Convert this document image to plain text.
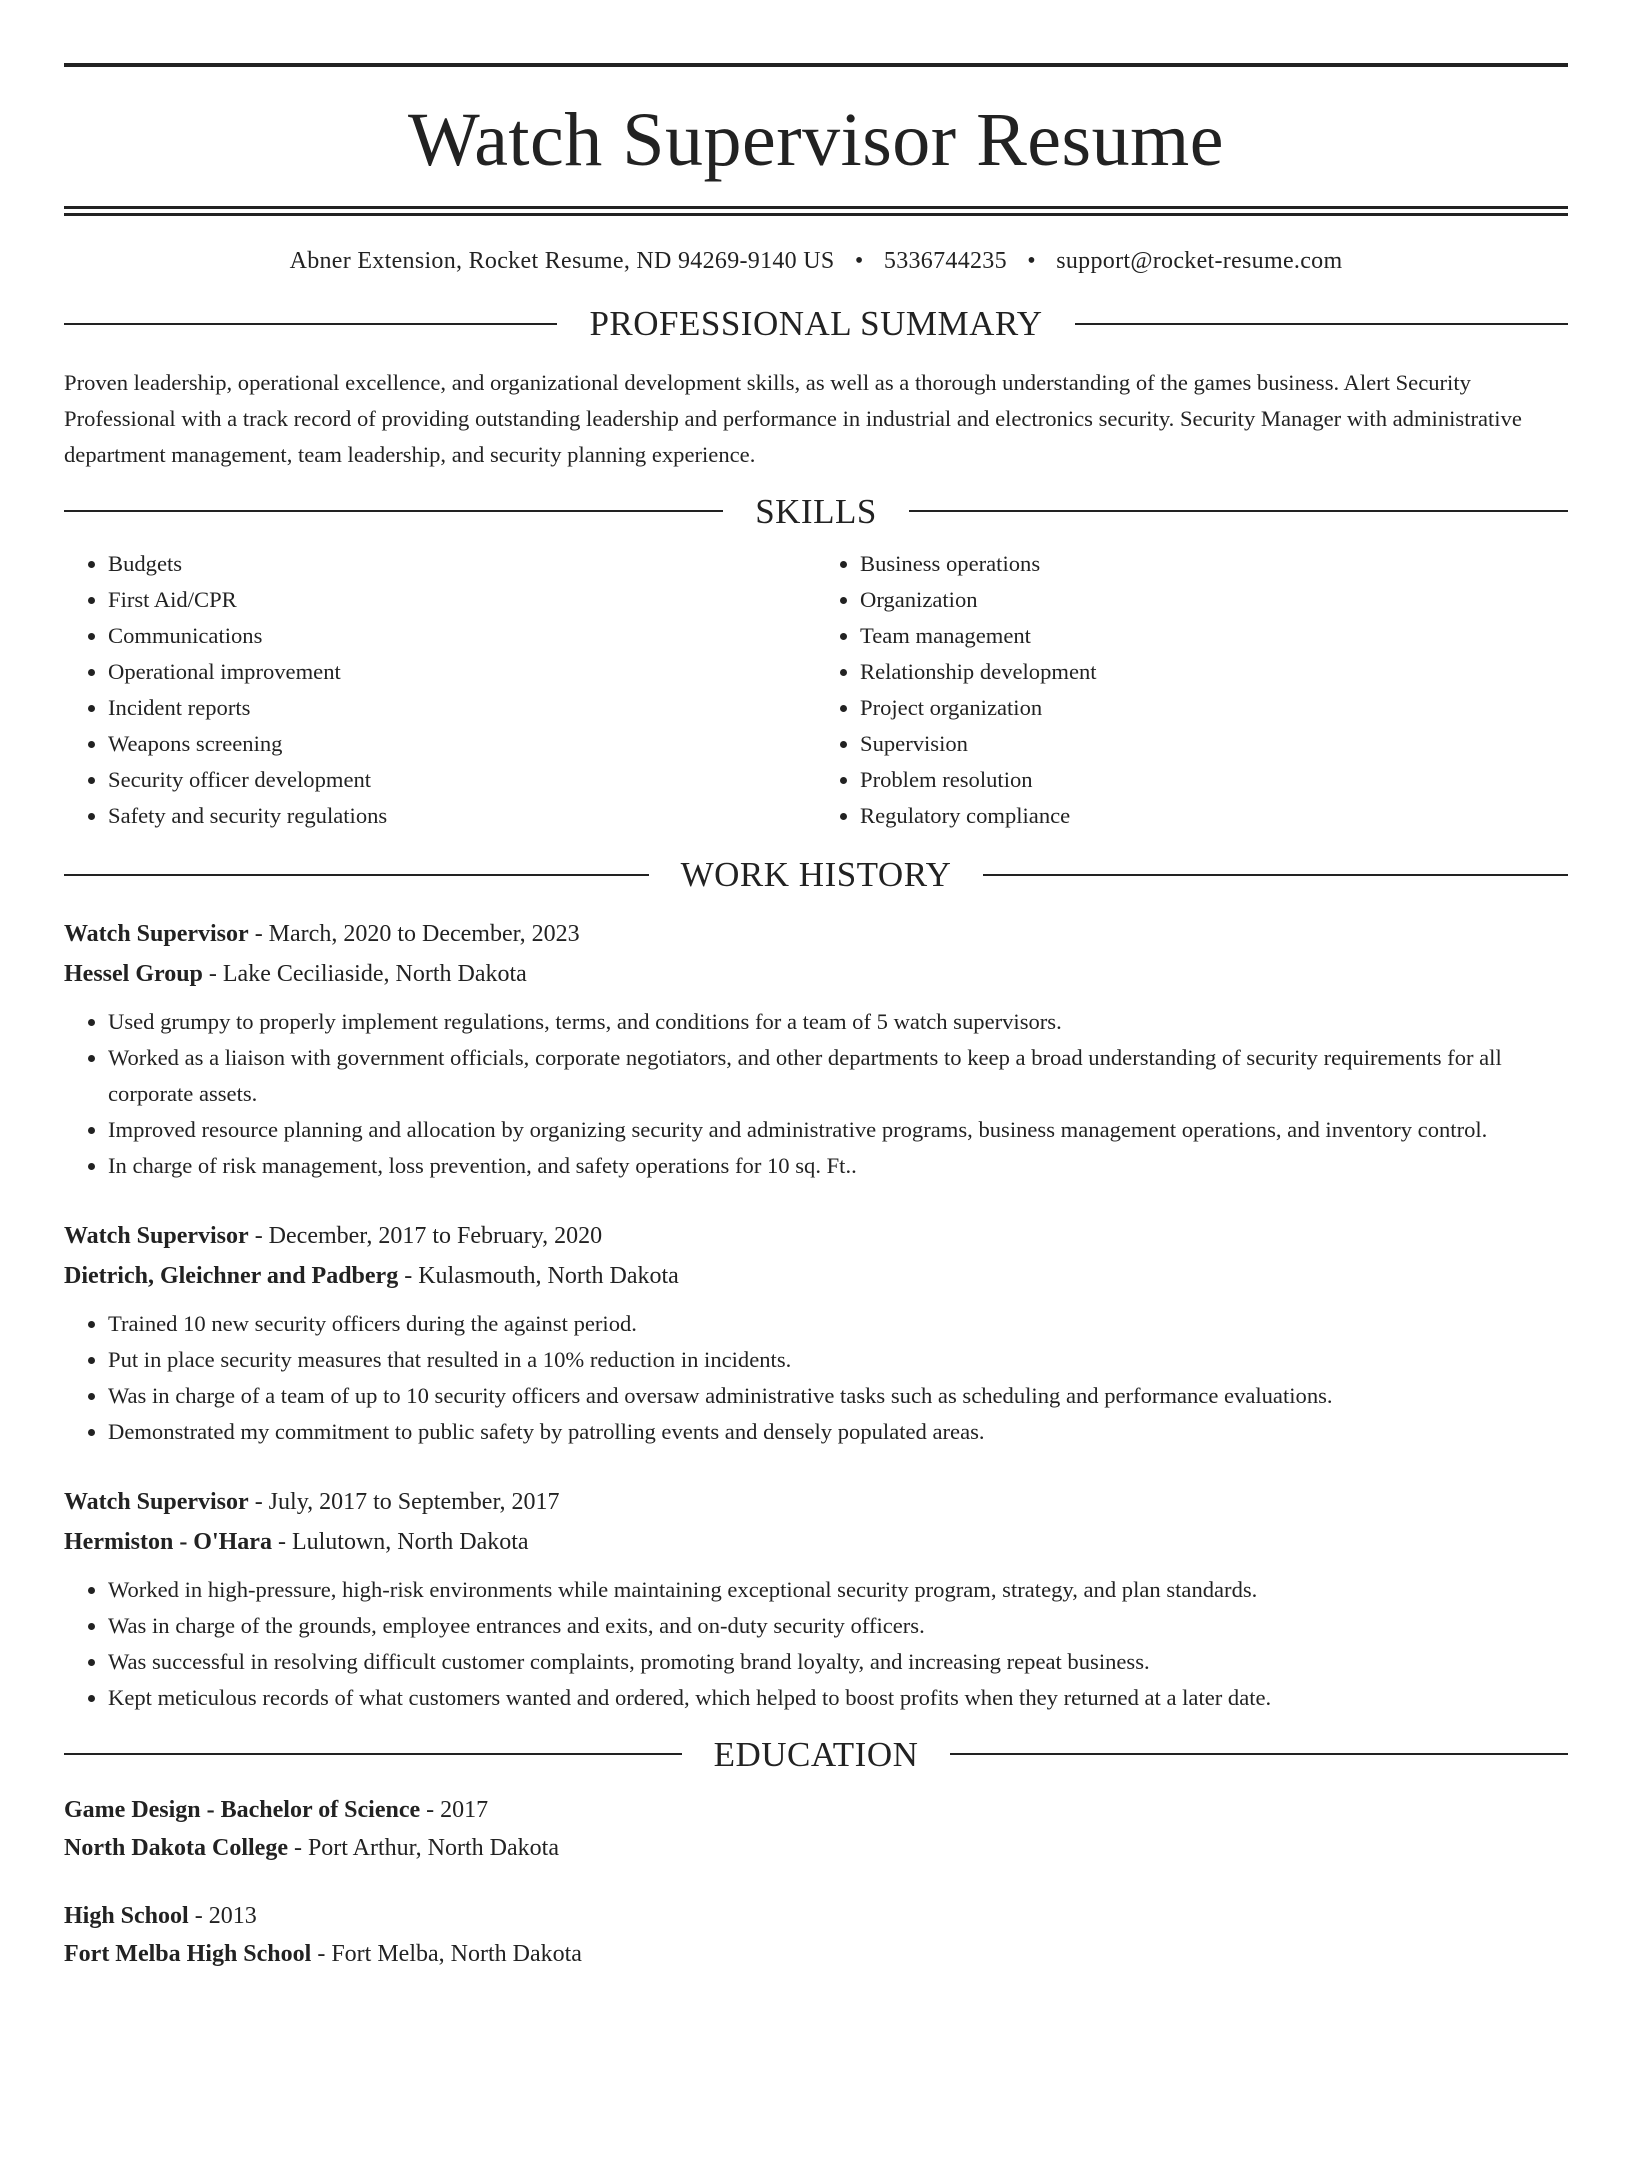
Watch Supervisor Resume
Abner Extension, Rocket Resume, ND 94269-9140 US • 5336744235 • support@rocket-resume.com
PROFESSIONAL SUMMARY
Proven leadership, operational excellence, and organizational development skills, as well as a thorough understanding of the games business. Alert Security Professional with a track record of providing outstanding leadership and performance in industrial and electronics security. Security Manager with administrative department management, team leadership, and security planning experience.
SKILLS
• Budgets
• First Aid/CPR
• Communications
• Operational improvement
• Incident reports
• Weapons screening
• Security officer development
• Safety and security regulations
• Business operations
• Organization
• Team management
• Relationship development
• Project organization
• Supervision
• Problem resolution
• Regulatory compliance
WORK HISTORY
Watch Supervisor - March, 2020 to December, 2023
Hessel Group - Lake Ceciliaside, North Dakota
• Used grumpy to properly implement regulations, terms, and conditions for a team of 5 watch supervisors.
• Worked as a liaison with government officials, corporate negotiators, and other departments to keep a broad understanding of security requirements for all corporate assets.
• Improved resource planning and allocation by organizing security and administrative programs, business management operations, and inventory control.
• In charge of risk management, loss prevention, and safety operations for 10 sq. Ft..
Watch Supervisor - December, 2017 to February, 2020
Dietrich, Gleichner and Padberg - Kulasmouth, North Dakota
• Trained 10 new security officers during the against period.
• Put in place security measures that resulted in a 10% reduction in incidents.
• Was in charge of a team of up to 10 security officers and oversaw administrative tasks such as scheduling and performance evaluations.
• Demonstrated my commitment to public safety by patrolling events and densely populated areas.
Watch Supervisor - July, 2017 to September, 2017
Hermiston - O'Hara - Lulutown, North Dakota
• Worked in high-pressure, high-risk environments while maintaining exceptional security program, strategy, and plan standards.
• Was in charge of the grounds, employee entrances and exits, and on-duty security officers.
• Was successful in resolving difficult customer complaints, promoting brand loyalty, and increasing repeat business.
• Kept meticulous records of what customers wanted and ordered, which helped to boost profits when they returned at a later date.
EDUCATION
Game Design - Bachelor of Science - 2017
North Dakota College - Port Arthur, North Dakota
High School - 2013
Fort Melba High School - Fort Melba, North Dakota
